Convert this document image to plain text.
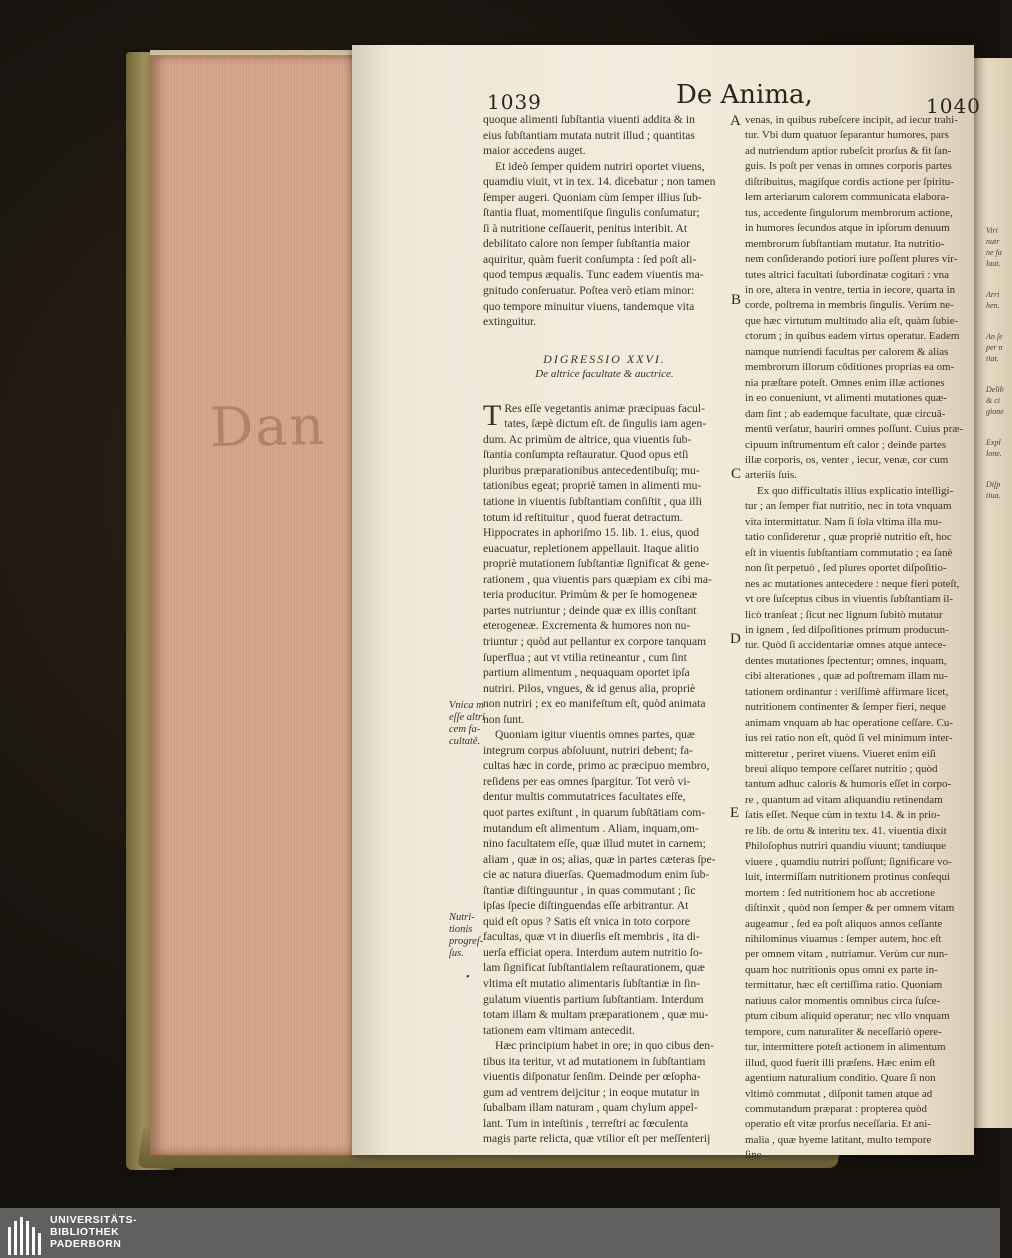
Dan
1039	De Anima,	1040
quoque alimenti ſubſtantia viuenti addita & in
eius ſubſtantiam mutata nutrit illud ; quantitas
maior accedens auget.
Et ideò ſemper quidem nutriri oportet viuens,
quamdiu viuit, vt in tex. 14. dicebatur ; non tamen
ſemper augeri. Quoniam cùm ſemper illius ſub-
ſtantia fluat, momentiſque ſingulis conſumatur;
ſi à nutritione ceſſauerit, penitus interibit. At
debilitato calore non ſemper ſubſtantia maior
aquiritur, quàm fuerit conſumpta : ſed poſt ali-
quod tempus æqualis. Tunc eadem viuentis ma-
gnitudo conſeruatur. Poſtea verò etiam minor:
quo tempore minuitur viuens, tandemque vita
extinguitur.
DIGRESSIO XXVI.
De altrice facultate & auctrice.
T Res eſſe vegetantis animæ præcipuas facul-
tates, ſæpè dictum eſt. de ſingulis iam agen-
dum. Ac primùm de altrice, qua viuentis ſub-
ſtantia conſumpta reſtauratur. Quod opus etſi
pluribus præparationibus antecedentibuſq; mu-
tationibus egeat; propriè tamen in alimenti mu-
tatione in viuentis ſubſtantiam conſiſtit , qua illi
totum id reſtituitur , quod fuerat detractum.
Hippocrates in aphoriſmo 15. lib. 1. eius, quod
euacuatur, repletionem appellauit. Itaque alitio
propriè mutationem ſubſtantiæ ſignificat & gene-
rationem , qua viuentis pars quæpiam ex cibi ma-
teria producitur. Primùm & per ſe homogeneæ
partes nutriuntur ; deinde quæ ex illis conſtant
eterogeneæ. Excrementa & humores non nu-
triuntur ; quòd aut pellantur ex corpore tanquam
ſuperflua ; aut vt vtilia retineantur , cum ſint
partium alimentum , nequaquam oportet ipſa
nutriri. Pilos, vngues, & id genus alia, propriè
non nutriri ; ex eo manifeſtum eſt, quòd animata
non ſunt.
Quoniam igitur viuentis omnes partes, quæ
integrum corpus abſoluunt, nutriri debent; fa-
cultas hæc in corde, primo ac præcipuo membro,
reſidens per eas omnes ſpargitur. Tot verò vi-
dentur multis commutatrices facultates eſſe,
quot partes exiſtunt , in quarum ſubſtātiam com-
mutandum eſt alimentum . Aliam, inquam,om-
nino facultatem eſſe, quæ illud mutet in carnem;
aliam , quæ in os; alias, quæ in partes cæteras ſpe-
cie ac natura diuerſas. Quemadmodum enim ſub-
ſtantiæ diſtinguuntur , in quas commutant ; ſic
ipſas ſpecie diſtinguendas eſſe arbitrantur. At
quid eſt opus ? Satis eſt vnica in toto corpore
facultas, quæ vt in diuerſis eſt membris , ita di-
uerſa efficiat opera. Interdum autem nutritio ſo-
lam ſignificat ſubſtantialem reſtaurationem, quæ
vltima eſt mutatio alimentaris ſubſtantiæ in ſin-
gulatum viuentis partium ſubſtantiam. Interdum
totam illam & multam præparationem , quæ mu-
tationem eam vltimam antecedit.
Hæc principium habet in ore; in quo cibus den-
tibus ita teritur, vt ad mutationem in ſubſtantiam
viuentis diſponatur ſenſim. Deinde per œſopha-
gum ad ventrem deijcitur ; in eoque mutatur in
ſubalbam illam naturam , quam chylum appel-
lant. Tum in inteſtinis , terreſtri ac fœculenta
magis parte relicta, quæ vtilior eſt per meſſenterij
Vnica m
eſſe altri
cem fa-
cultatē.
Nutri-
tionis
progreſ-
ſus.
•
A
B
C
D
E
venas, in quibus rubeſcere incipit, ad iecur trahi-
tur. Vbi dum quatuor ſeparantur humores, pars
ad nutriendum aptior rubeſcit prorſus & fit ſan-
guis. Is poſt per venas in omnes corporis partes
diſtribuitus, magiſque cordis actione per ſpiritu-
lem arteriarum calorem communicata elabora-
tus, accedente ſingulorum membrorum actione,
in humores ſecundos atque in ipſorum denuum
membrorum ſubſtantiam mutatur. Ita nutritio-
nem conſiderando potiori iure poſſent plures vir-
tutes altrici facultati ſubordinatæ cogitari : vna
in ore, altera in ventre, tertia in iecore, quarta in
corde, poſtrema in membris ſingulis. Verùm ne-
que hæc virtutum multitudo alia eſt, quàm ſubie-
ctorum ; in quibus eadem virtus operatur. Eadem
namque nutriendi facultas per calorem & alias
membrorum illorum cōditiones proprias ea om-
nia præſtare poteſt. Omnes enim illæ actiones
in eo conueniunt, vt alimenti mutationes quæ-
dam ſint ; ab eademque facultate, quæ circuā-
mentū verſatur, hauriri omnes poſſunt. Cuius præ-
cipuum inſtrumentum eſt calor ; deinde partes
illæ corporis, os, venter , iecur, venæ, cor cum
arteriis ſuis.
Ex quo difficultatis illius explicatio intelligi-
tur ; an ſemper fiat nutritio, nec in tota vnquam
vita intermittatur. Nam ſi ſola vltima illa mu-
tatio conſideretur , quæ propriè nutritio eſt, hoc
eſt in viuentis ſubſtantiam commutatio ; ea ſanè
non ſit perpetuò , ſed plures oportet diſpoſitio-
nes ac mutationes antecedere : neque fieri poteſt,
vt ore ſuſceptus cibus in viuentis ſubſtantiam il-
licò tranſeat ; ſicut nec lignum ſubitò mutatur
in ignem , ſed diſpoſitiones primum producun-
tur. Quòd ſi accidentariæ omnes atque antece-
dentes mutationes ſpectentur; omnes, inquam,
cibi alterationes , quæ ad poſtremam illam nu-
tationem ordinantur : veriſſimè affirmare licet,
nutritionem continenter & ſemper fieri, neque
animam vnquam ab hac operatione ceſſare. Cu-
ius rei ratio non eſt, quòd ſi vel minimum inter-
mitteretur , periret viuens. Viueret enim eiſi
breui aliquo tempore ceſſaret nutritio ; quòd
tantum adhuc caloris & humoris eſſet in corpo-
re , quantum ad vitam aliquandiu retinendam
ſatis eſſet. Neque cùm in textu 14. & in prio-
re lib. de ortu & interitu tex. 41. viuentia dixit
Philoſophus nutriri quandiu viuunt; tandiuque
viuere , quamdiu nutriri poſſunt; ſignificare vo-
luit, intermiſſam nutritionem protinus conſequi
mortem : ſed nutritionem hoc ab accretione
diſtinxit , quòd non ſemper & per omnem vitam
augeamur , ſed ea poſt aliquos annos ceſſante
nihilominus viuamus : ſemper autem, hoc eſt
per omnem vitam , nutriamur. Verùm cur nun-
quam hoc nutritionis opus omni ex parte in-
termittatur, hæc eſt certiſſima ratio. Quoniam
natiuus calor momentis omnibus circa ſuſce-
ptum cibum aliquid operatur; nec vllo vnquam
tempore, cum naturaliter & neceſſariò opere-
tur, intermittere poteſt actionem in alimentum
illud, quod fuerit illi præſens. Hæc enim eſt
agentium naturalium conditio. Quare ſi non
vltimò commutat , diſponit tamen atque ad
commutandum præparat : propterea quòd
operatio eſt vitæ prorſus neceſſaria. Et ani-
malia , quæ hyeme latitant, multo tempore
ſine
Viri
nutr
ne fa
laut.
Arri
hen.
An ſe
per n
tiat.
Delib
& ci
gione
Expl
lone.
Diſp
tiua.
UNIVERSITÄTS-
BIBLIOTHEK
PADERBORN
